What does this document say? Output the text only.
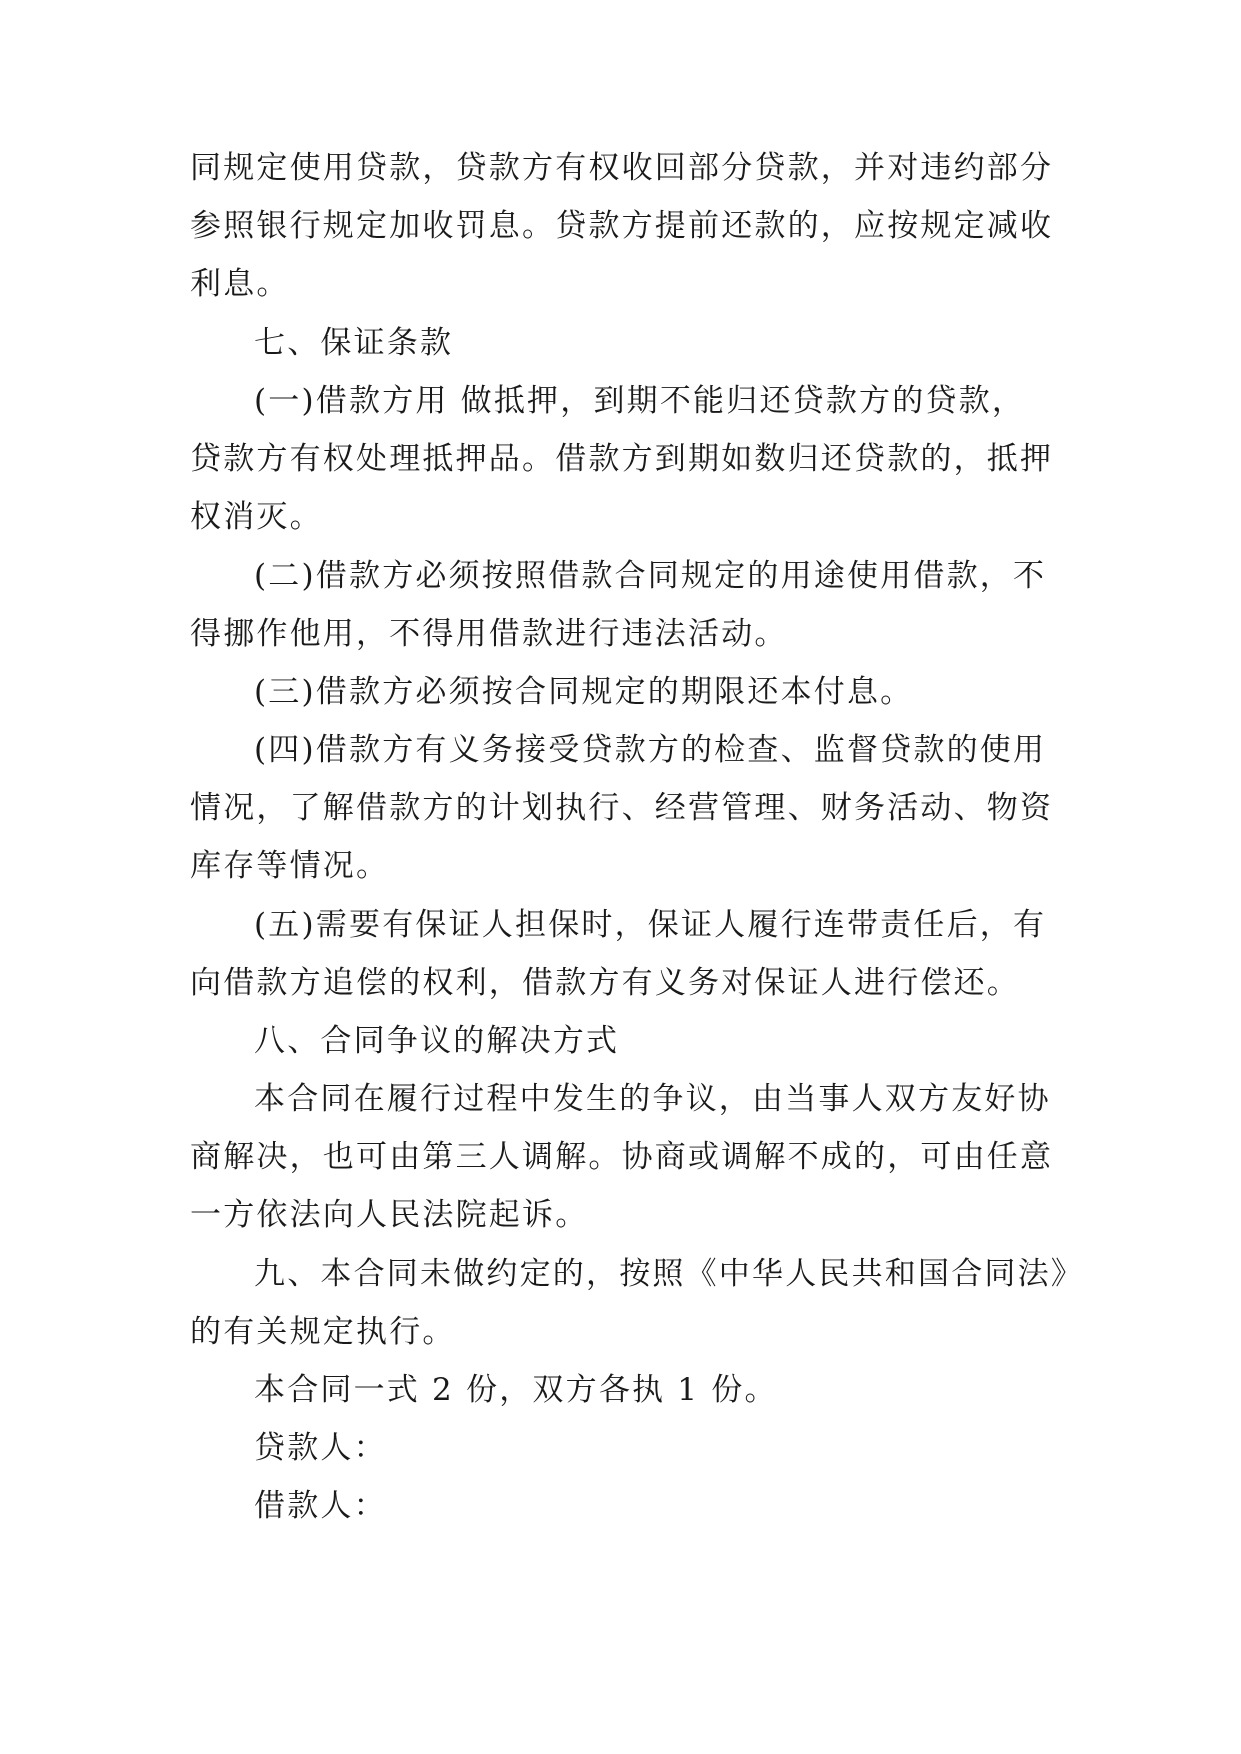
同规定使用贷款，贷款方有权收回部分贷款，并对违约部分
参照银行规定加收罚息。贷款方提前还款的，应按规定减收
利息。
七、保证条款
(一)借款方用 做抵押，到期不能归还贷款方的贷款，
贷款方有权处理抵押品。借款方到期如数归还贷款的，抵押
权消灭。
(二)借款方必须按照借款合同规定的用途使用借款，不
得挪作他用，不得用借款进行违法活动。
(三)借款方必须按合同规定的期限还本付息。
(四)借款方有义务接受贷款方的检查、监督贷款的使用
情况，了解借款方的计划执行、经营管理、财务活动、物资
库存等情况。
(五)需要有保证人担保时，保证人履行连带责任后，有
向借款方追偿的权利，借款方有义务对保证人进行偿还。
八、合同争议的解决方式
本合同在履行过程中发生的争议，由当事人双方友好协
商解决，也可由第三人调解。协商或调解不成的，可由任意
一方依法向人民法院起诉。
九、本合同未做约定的，按照《中华人民共和国合同法》
的有关规定执行。
本合同一式 2 份，双方各执 1 份。
贷款人：
借款人：
